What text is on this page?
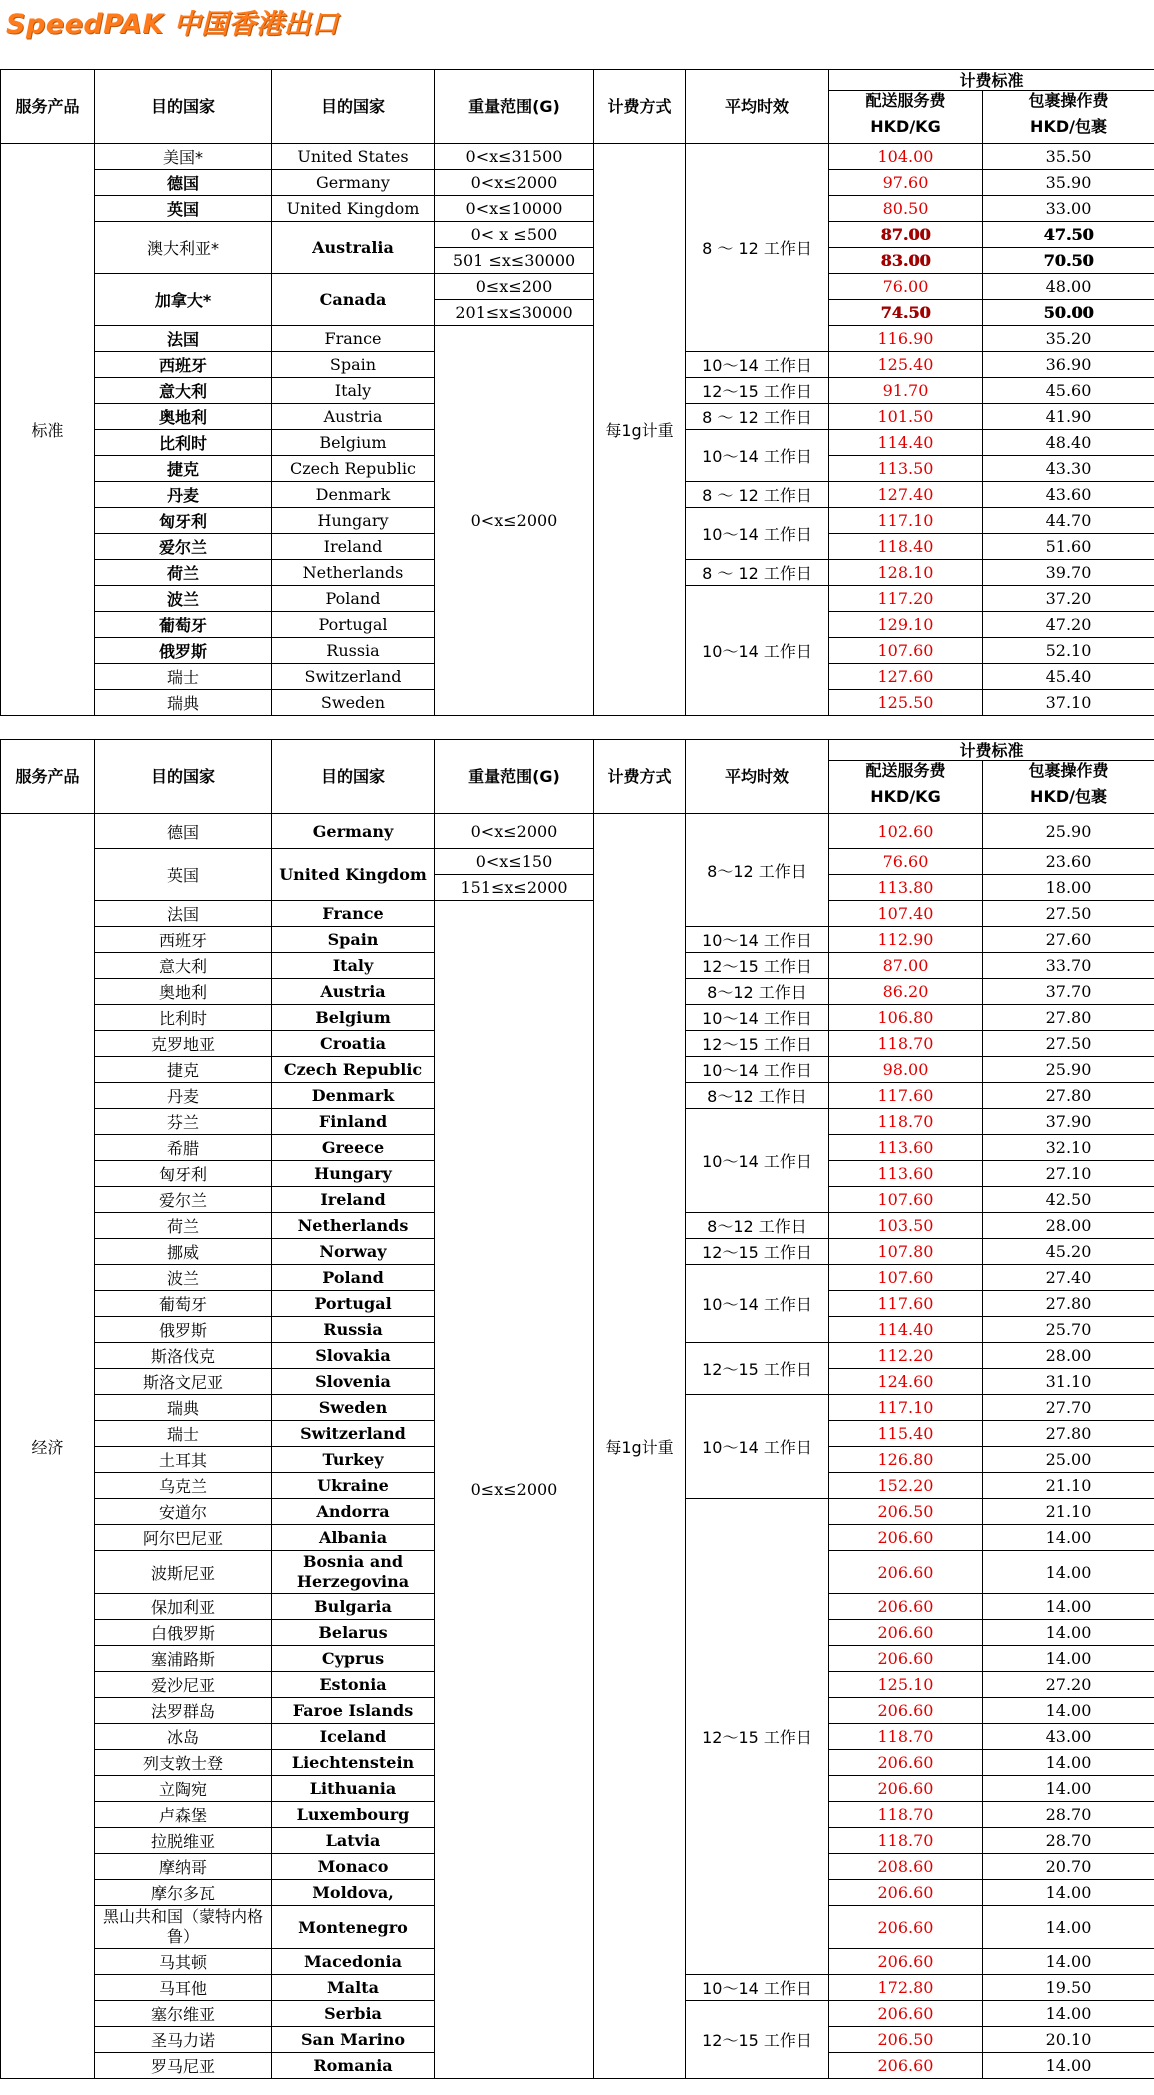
SpeedPAK 中国香港出口
服务产品	目的国家	目的国家	重量范围(G)	计费方式	平均时效	计费标准	
						配送服务费	包裹操作费
						HKD/KG	HKD/包裹
标准	美国*	United States	0<x≤31500	每1g计重	8 ～ 12 工作日	104.00	35.50
	德国	Germany	0<x≤2000			97.60	35.90
	英国	United Kingdom	0<x≤10000			80.50	33.00
	澳大利亚*	Australia	0< x ≤500			87.00	47.50
			501 ≤x≤30000			83.00	70.50
	加拿大*	Canada	0≤x≤200			76.00	48.00
			201≤x≤30000			74.50	50.00
	法国	France	0<x≤2000			116.90	35.20
	西班牙	Spain			10～14 工作日	125.40	36.90
	意大利	Italy			12～15 工作日	91.70	45.60
	奥地利	Austria			8 ～ 12 工作日	101.50	41.90
	比利时	Belgium			10～14 工作日	114.40	48.40
	捷克	Czech Republic				113.50	43.30
	丹麦	Denmark			8 ～ 12 工作日	127.40	43.60
	匈牙利	Hungary			10～14 工作日	117.10	44.70
	爱尔兰	Ireland				118.40	51.60
	荷兰	Netherlands			8 ～ 12 工作日	128.10	39.70
	波兰	Poland			10～14 工作日	117.20	37.20
	葡萄牙	Portugal				129.10	47.20
	俄罗斯	Russia				107.60	52.10
	瑞士	Switzerland				127.60	45.40
	瑞典	Sweden				125.50	37.10
服务产品	目的国家	目的国家	重量范围(G)	计费方式	平均时效	计费标准	
						配送服务费	包裹操作费
						HKD/KG	HKD/包裹
经济	德国	Germany	0<x≤2000	每1g计重	8～12 工作日	102.60	25.90
	英国	United Kingdom	0<x≤150			76.60	23.60
			151≤x≤2000			113.80	18.00
	法国	France	0≤x≤2000			107.40	27.50
	西班牙	Spain			10～14 工作日	112.90	27.60
	意大利	Italy			12～15 工作日	87.00	33.70
	奥地利	Austria			8～12 工作日	86.20	37.70
	比利时	Belgium			10～14 工作日	106.80	27.80
	克罗地亚	Croatia			12～15 工作日	118.70	27.50
	捷克	Czech Republic			10～14 工作日	98.00	25.90
	丹麦	Denmark			8～12 工作日	117.60	27.80
	芬兰	Finland			10～14 工作日	118.70	37.90
	希腊	Greece				113.60	32.10
	匈牙利	Hungary				113.60	27.10
	爱尔兰	Ireland				107.60	42.50
	荷兰	Netherlands			8～12 工作日	103.50	28.00
	挪威	Norway			12～15 工作日	107.80	45.20
	波兰	Poland			10～14 工作日	107.60	27.40
	葡萄牙	Portugal				117.60	27.80
	俄罗斯	Russia				114.40	25.70
	斯洛伐克	Slovakia			12～15 工作日	112.20	28.00
	斯洛文尼亚	Slovenia				124.60	31.10
	瑞典	Sweden			10～14 工作日	117.10	27.70
	瑞士	Switzerland				115.40	27.80
	土耳其	Turkey				126.80	25.00
	乌克兰	Ukraine				152.20	21.10
	安道尔	Andorra			12～15 工作日	206.50	21.10
	阿尔巴尼亚	Albania				206.60	14.00
	波斯尼亚	Bosnia and Herzegovina				206.60	14.00
	保加利亚	Bulgaria				206.60	14.00
	白俄罗斯	Belarus				206.60	14.00
	塞浦路斯	Cyprus				206.60	14.00
	爱沙尼亚	Estonia				125.10	27.20
	法罗群岛	Faroe Islands				206.60	14.00
	冰岛	Iceland				118.70	43.00
	列支敦士登	Liechtenstein				206.60	14.00
	立陶宛	Lithuania				206.60	14.00
	卢森堡	Luxembourg				118.70	28.70
	拉脱维亚	Latvia				118.70	28.70
	摩纳哥	Monaco				208.60	20.70
	摩尔多瓦	Moldova,				206.60	14.00
	黑山共和国（蒙特内格鲁）	Montenegro				206.60	14.00
	马其顿	Macedonia				206.60	14.00
	马耳他	Malta			10～14 工作日	172.80	19.50
	塞尔维亚	Serbia			12～15 工作日	206.60	14.00
	圣马力诺	San Marino				206.50	20.10
	罗马尼亚	Romania				206.60	14.00
